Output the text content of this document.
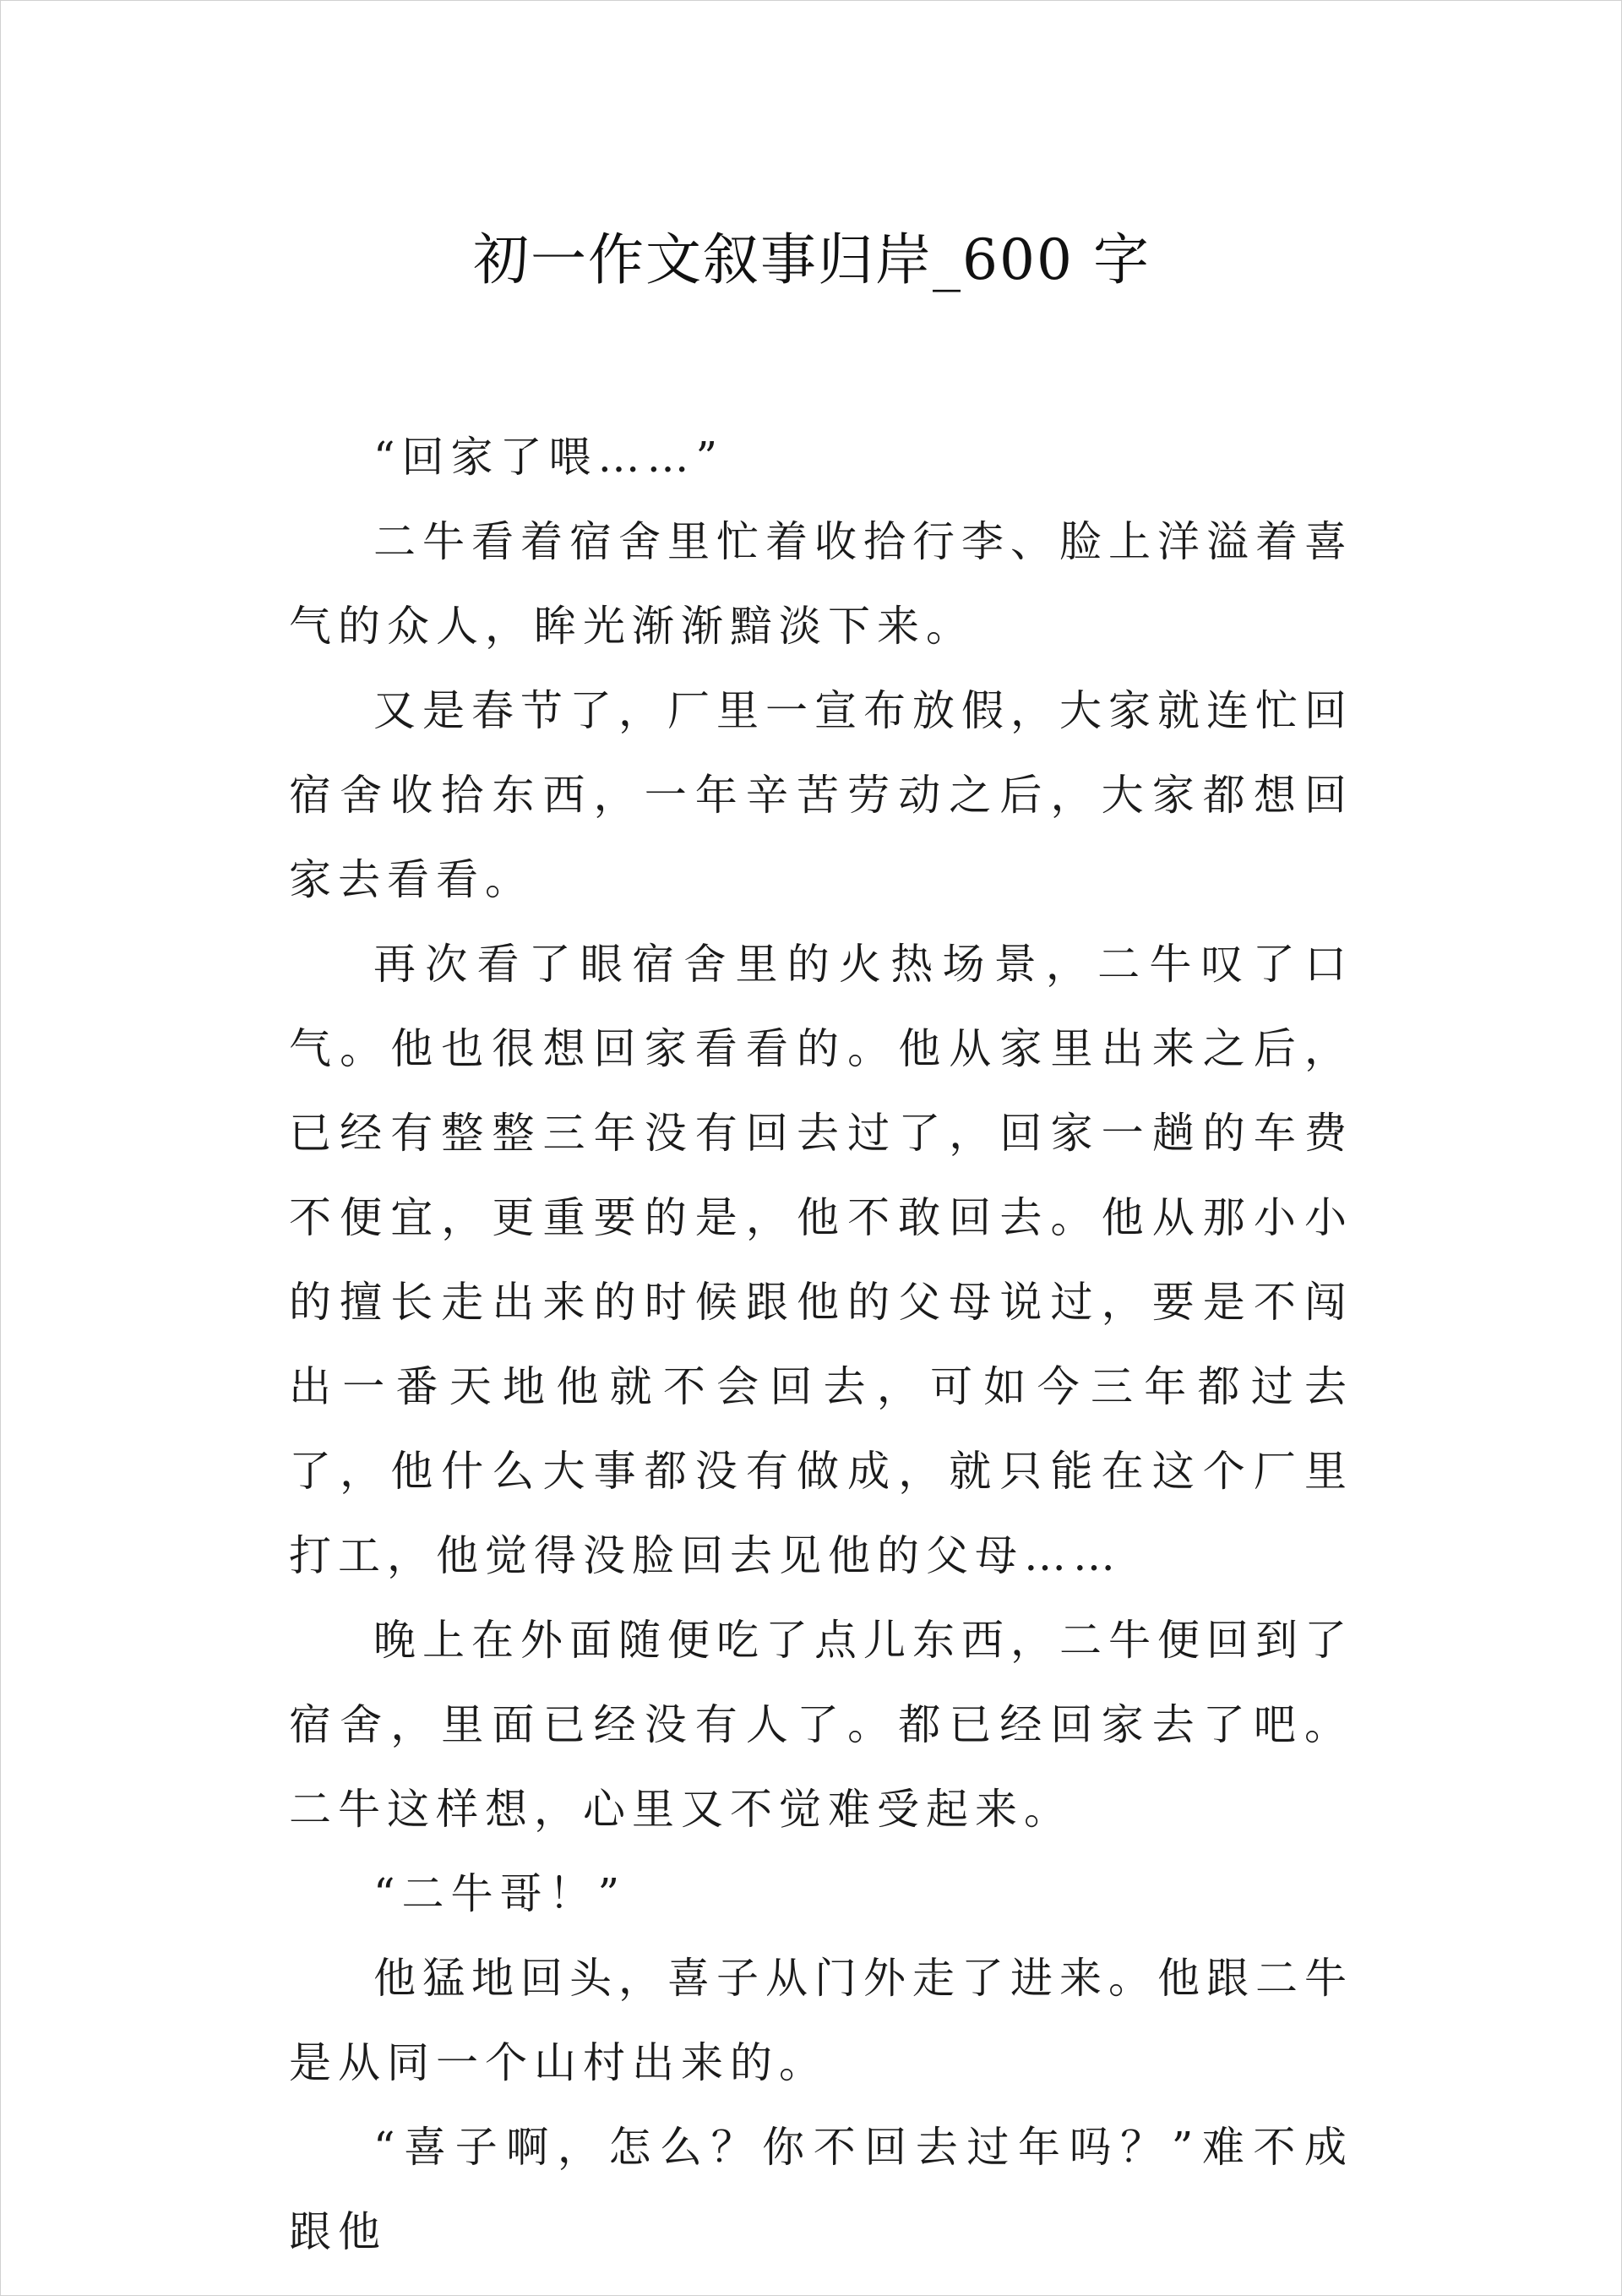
初一作文叙事归岸_600 字

“回家了喂……”

二牛看着宿舍里忙着收拾行李、脸上洋溢着喜气的众人，眸光渐渐黯淡下来。

又是春节了，厂里一宣布放假，大家就连忙回宿舍收拾东西，一年辛苦劳动之后，大家都想回家去看看。

再次看了眼宿舍里的火热场景，二牛叹了口气。他也很想回家看看的。他从家里出来之后，已经有整整三年没有回去过了，回家一趟的车费不便宜，更重要的是，他不敢回去。他从那小小的擅长走出来的时候跟他的父母说过，要是不闯出一番天地他就不会回去，可如今三年都过去了，他什么大事都没有做成，就只能在这个厂里打工，他觉得没脸回去见他的父母……

晚上在外面随便吃了点儿东西，二牛便回到了宿舍，里面已经没有人了。都已经回家去了吧。二牛这样想，心里又不觉难受起来。

“二牛哥！”

他猛地回头，喜子从门外走了进来。他跟二牛是从同一个山村出来的。

“喜子啊，怎么？你不回去过年吗？”难不成跟他
